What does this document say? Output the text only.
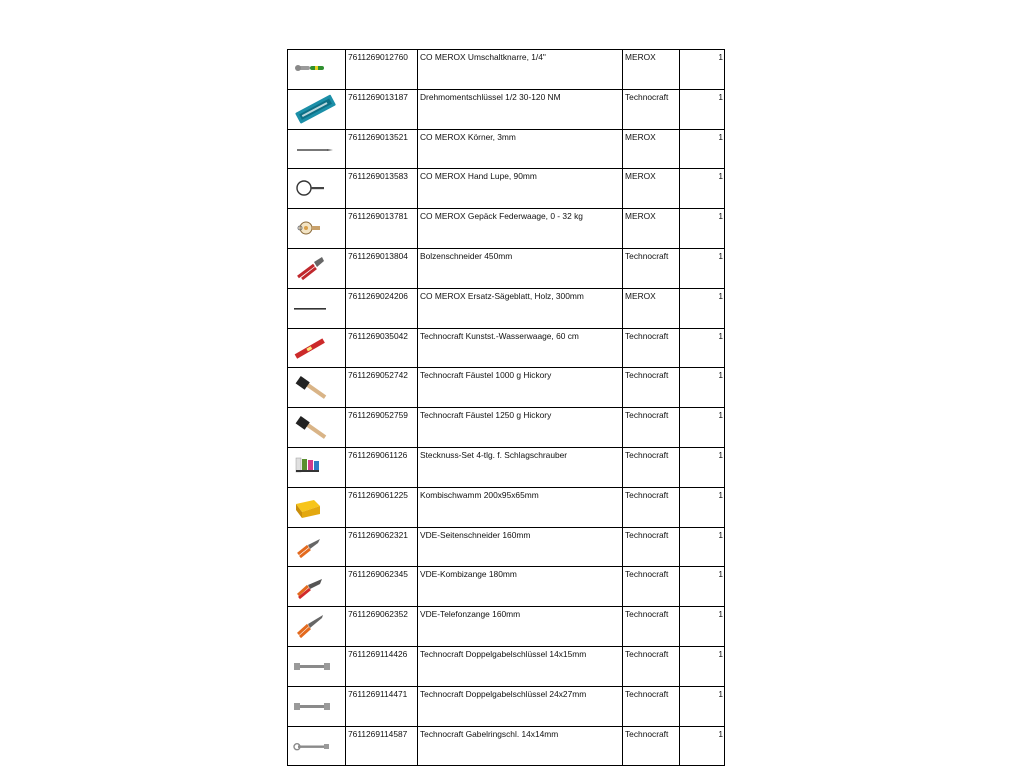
	7611269012760	CO MEROX Umschaltknarre, 1/4"	MEROX	1

	7611269013187	Drehmomentschlüssel 1/2 30-120 NM	Technocraft	1

	7611269013521	CO MEROX Körner, 3mm	MEROX	1

	7611269013583	CO MEROX Hand Lupe, 90mm	MEROX	1

	7611269013781	CO MEROX Gepäck Federwaage, 0 - 32 kg	MEROX	1

	7611269013804	Bolzenschneider 450mm	Technocraft	1

	7611269024206	CO MEROX Ersatz-Sägeblatt, Holz, 300mm	MEROX	1

	7611269035042	Technocraft Kunstst.-Wasserwaage, 60 cm	Technocraft	1

	7611269052742	Technocraft Fäustel 1000 g Hickory	Technocraft	1

	7611269052759	Technocraft Fäustel 1250 g Hickory	Technocraft	1

	7611269061126	Stecknuss-Set 4-tlg. f. Schlagschrauber	Technocraft	1

	7611269061225	Kombischwamm 200x95x65mm	Technocraft	1

	7611269062321	VDE-Seitenschneider 160mm	Technocraft	1

	7611269062345	VDE-Kombizange 180mm	Technocraft	1

	7611269062352	VDE-Telefonzange 160mm	Technocraft	1

	7611269114426	Technocraft Doppelgabelschlüssel 14x15mm	Technocraft	1

	7611269114471	Technocraft Doppelgabelschlüssel 24x27mm	Technocraft	1

	7611269114587	Technocraft Gabelringschl. 14x14mm	Technocraft	1
